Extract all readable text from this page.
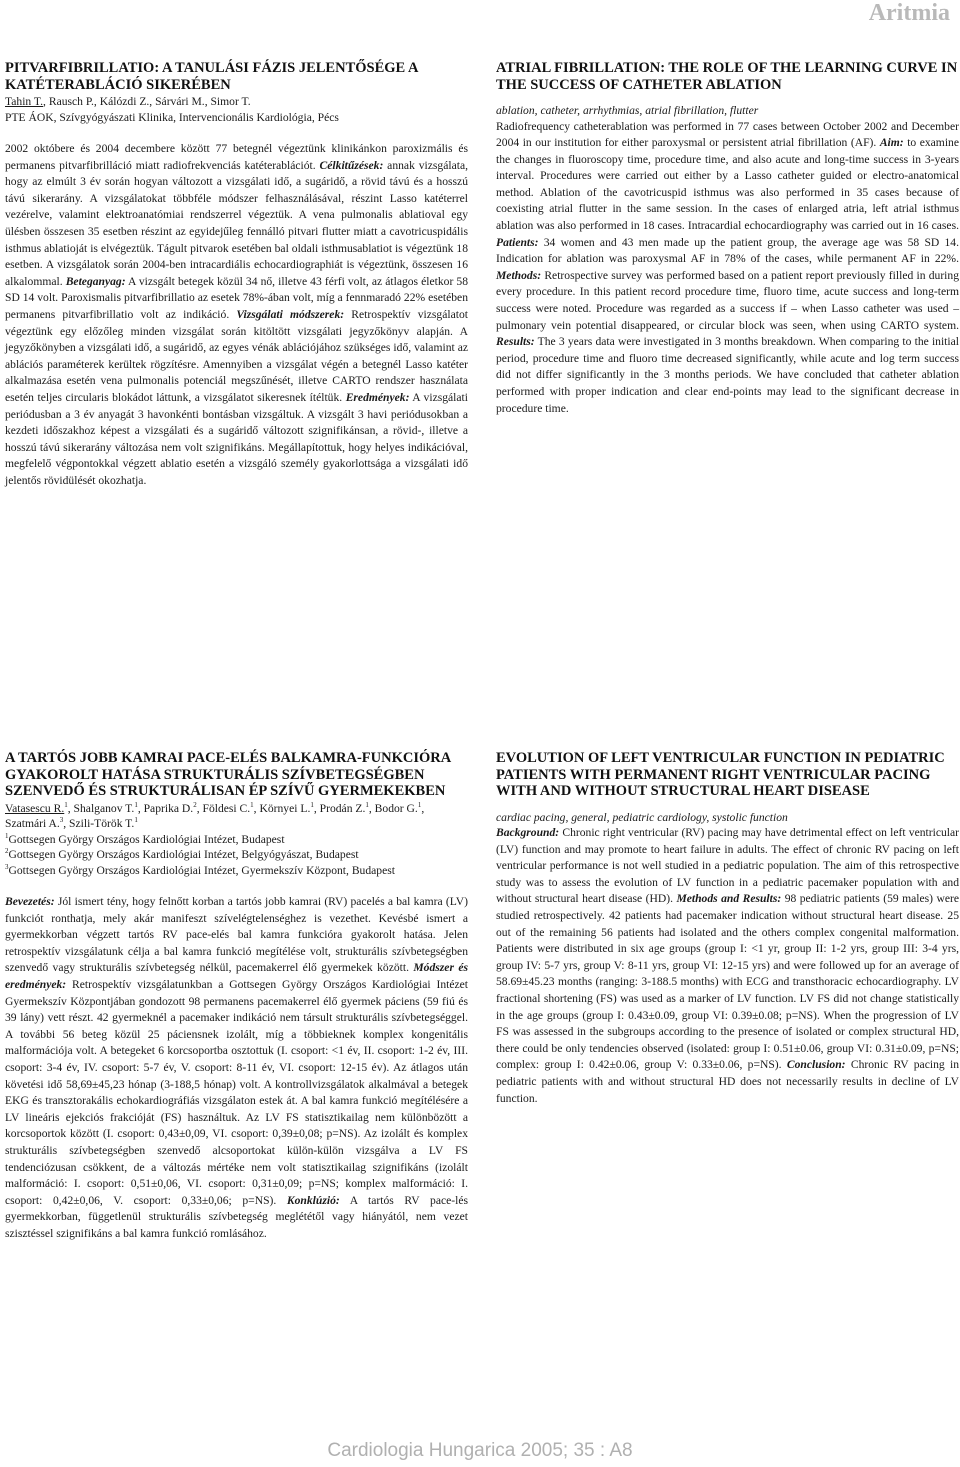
Aritmia
PITVARFIBRILLATIO: A TANULÁSI FÁZIS JELENTŐSÉGE A KATÉTERABLÁCIÓ SIKERÉBEN

Tahin T., Rausch P., Kálózdi Z., Sárvári M., Simor T.

PTE ÁOK, Szívgyógyászati Klinika, Intervencionális Kardiológia, Pécs

2002 októbere és 2004 decembere között 77 betegnél végeztünk klinikánkon paroxizmális és permanens pitvarfibrilláció miatt radiofrekvenciás katéterablációt. Célkitűzések: annak vizsgálata, hogy az elmúlt 3 év során hogyan változott a vizsgálati idő, a sugáridő, a rövid távú és a hosszú távú sikerarány. A vizsgálatokat többféle módszer felhasználásával, részint Lasso katéterrel vezérelve, valamint elektroanatómiai rendszerrel végeztük. A vena pulmonalis ablatioval egy ülésben összesen 35 esetben részint az egyidejűleg fennálló pitvari flutter miatt a cavotricuspidális isthmus ablatioját is elvégeztük. Tágult pitvarok esetében bal oldali isthmusablatiot is végeztünk 18 esetben. A vizsgálatok során 2004-ben intracardiális echocardiographiát is végeztünk, összesen 16 alkalommal. Beteganyag: A vizsgált betegek közül 34 nő, illetve 43 férfi volt, az átlagos életkor 58 SD 14 volt. Paroxismalis pitvarfibrillatio az esetek 78%-ában volt, míg a fennmaradó 22% esetében permanens pitvarfibrillatio volt az indikáció. Vizsgálati módszerek: Retrospektív vizsgálatot végeztünk egy előzőleg minden vizsgálat során kitöltött vizsgálati jegyzőkönyv alapján. A jegyzőkönyben a vizsgálati idő, a sugáridő, az egyes vénák ablációjához szükséges idő, valamint az ablációs paraméterek kerültek rögzítésre. Amennyiben a vizsgálat végén a betegnél Lasso katéter alkalmazása esetén vena pulmonalis potenciál megszűnését, illetve CARTO rendszer használata esetén teljes circularis blokádot láttunk, a vizsgálatot sikeresnek ítéltük. Eredmények: A vizsgálati periódusban a 3 év anyagát 3 havonkénti bontásban vizsgáltuk. A vizsgált 3 havi periódusokban a kezdeti időszakhoz képest a vizsgálati és a sugáridő változott szignifikánsan, a rövid-, illetve a hosszú távú sikerarány változása nem volt szignifikáns. Megállapítottuk, hogy helyes indikációval, megfelelő végpontokkal végzett ablatio esetén a vizsgáló személy gyakorlottsága a vizsgálati idő jelentős rövidülését okozhatja.

ATRIAL FIBRILLATION: THE ROLE OF THE LEARNING CURVE IN THE SUCCESS OF CATHETER ABLATION

ablation, catheter, arrhythmias, atrial fibrillation, flutter

Radiofrequency catheterablation was performed in 77 cases between October 2002 and December 2004 in our institution for either paroxysmal or persistent atrial fibrillation (AF). Aim: to examine the changes in fluoroscopy time, procedure time, and also acute and long-time success in 3-years interval. Procedures were carried out either by a Lasso catheter guided or electro-anatomical method. Ablation of the cavotricuspid isthmus was also performed in 35 cases because of coexisting atrial flutter in the same session. In the cases of enlarged atria, left atrial isthmus ablation was also performed in 18 cases. Intracardial echocardiography was carried out in 16 cases. Patients: 34 women and 43 men made up the patient group, the average age was 58 SD 14. Indication for ablation was paroxysmal AF in 78% of the cases, while permanent AF in 22%. Methods: Retrospective survey was performed based on a patient report previously filled in during every procedure. In this patient record procedure time, fluoro time, acute success and long-term success were noted. Procedure was regarded as a success if – when Lasso catheter was used – pulmonary vein potential disappeared, or circular block was seen, when using CARTO system. Results: The 3 years data were investigated in 3 months breakdown. When comparing to the initial period, procedure time and fluoro time decreased significantly, while acute and log term success did not differ significantly in the 3 months periods. We have concluded that catheter ablation performed with proper indication and clear end-points may lead to the significant decrease in procedure time.

A TARTÓS JOBB KAMRAI PACE-ELÉS BALKAMRA-FUNKCIÓRA GYAKOROLT HATÁSA STRUKTURÁLIS SZÍVBETEGSÉGBEN SZENVEDŐ ÉS STRUKTURÁLISAN ÉP SZÍVŰ GYERMEKEKBEN

Vatasescu R.$^1$, Shalganov T.$^1$, Paprika D.$^2$, Földesi C.$^1$, Környei L.$^1$, Prodán Z.$^1$, Bodor G.$^1$, Szatmári A.$^3$, Szili-Török T.$^1$

$^1$Gottsegen György Országos Kardiológiai Intézet, Budapest

$^2$Gottsegen György Országos Kardiológiai Intézet, Belgyógyászat, Budapest

$^3$Gottsegen György Országos Kardiológiai Intézet, Gyermekszív Központ, Budapest

Bevezetés: Jól ismert tény, hogy felnőtt korban a tartós jobb kamrai (RV) pacelés a bal kamra (LV) funkciót ronthatja, mely akár manifeszt szívelégtelenséghez is vezethet. Kevésbé ismert a gyermekkorban végzett tartós RV pace-elés bal kamra funkcióra gyakorolt hatása. Jelen retrospektív vizsgálatunk célja a bal kamra funkció megítélése volt, strukturális szívbetegségben szenvedő vagy strukturális szívbetegség nélkül, pacemakerrel élő gyermekek között. Módszer és eredmények: Retrospektív vizsgálatunkban a Gottsegen György Országos Kardiológiai Intézet Gyermekszív Központjában gondozott 98 permanens pacemakerrel élő gyermek páciens (59 fiú és 39 lány) vett részt. 42 gyermeknél a pacemaker indikáció nem társult strukturális szívbetegséggel. A további 56 beteg közül 25 páciensnek izolált, míg a többieknek komplex kongenitális malformációja volt. A betegeket 6 korcsoportba osztottuk (I. csoport: <1 év, II. csoport: 1-2 év, III. csoport: 3-4 év, IV. csoport: 5-7 év, V. csoport: 8-11 év, VI. csoport: 12-15 év). Az átlagos után követési idő 58,69±45,23 hónap (3-188,5 hónap) volt. A kontrollvizsgálatok alkalmával a betegek EKG és transztorakális echokardiográfiás vizsgálaton estek át. A bal kamra funkció megítélésére a LV lineáris ejekciós frakcióját (FS) használtuk. Az LV FS statisztikailag nem különbözött a korcsoportok között (I. csoport: 0,43±0,09, VI. csoport: 0,39±0,08; p=NS). Az izolált és komplex strukturális szívbetegségben szenvedő alcsoportokat külön-külön vizsgálva a LV FS tendenciózusan csökkent, de a változás mértéke nem volt statisztikailag szignifikáns (izolált malformáció: I. csoport: 0,51±0,06, VI. csoport: 0,31±0,09; p=NS; komplex malformáció: I. csoport: 0,42±0,06, V. csoport: 0,33±0,06; p=NS). Konklúzió: A tartós RV pace-lés gyermekkorban, függetlenül strukturális szívbetegség meglététől vagy hiányától, nem vezet szisztéssel szignifikáns a bal kamra funkció romlásához.

EVOLUTION OF LEFT VENTRICULAR FUNCTION IN PEDIATRIC PATIENTS WITH PERMANENT RIGHT VENTRICULAR PACING WITH AND WITHOUT STRUCTURAL HEART DISEASE

cardiac pacing, general, pediatric cardiology, systolic function

Background: Chronic right ventricular (RV) pacing may have detrimental effect on left ventricular (LV) function and may promote to heart failure in adults. The effect of chronic RV pacing on left ventricular performance is not well studied in a pediatric population. The aim of this retrospective study was to assess the evolution of LV function in a pediatric pacemaker population with and without structural heart disease (HD). Methods and Results: 98 pediatric patients (59 males) were studied retrospectively. 42 patients had pacemaker indication without structural heart disease. 25 out of the remaining 56 patients had isolated and the others complex congenital malformation. Patients were distributed in six age groups (group I: <1 yr, group II: 1-2 yrs, group III: 3-4 yrs, group IV: 5-7 yrs, group V: 8-11 yrs, group VI: 12-15 yrs) and were followed up for an average of 58.69±45.23 months (ranging: 3-188.5 months) with ECG and transthoracic echocardiography. LV fractional shortening (FS) was used as a marker of LV function. LV FS did not change statistically in the age groups (group I: 0.43±0.09, group VI: 0.39±0.08; p=NS). When the progression of LV FS was assessed in the subgroups according to the presence of isolated or complex structural HD, there could be only tendencies observed (isolated: group I: 0.51±0.06, group VI: 0.31±0.09, p=NS; complex: group I: 0.42±0.06, group V: 0.33±0.06, p=NS). Conclusion: Chronic RV pacing in pediatric patients with and without structural HD does not necessarily results in decline of LV function.

Cardiologia Hungarica 2005; 35 : A8
